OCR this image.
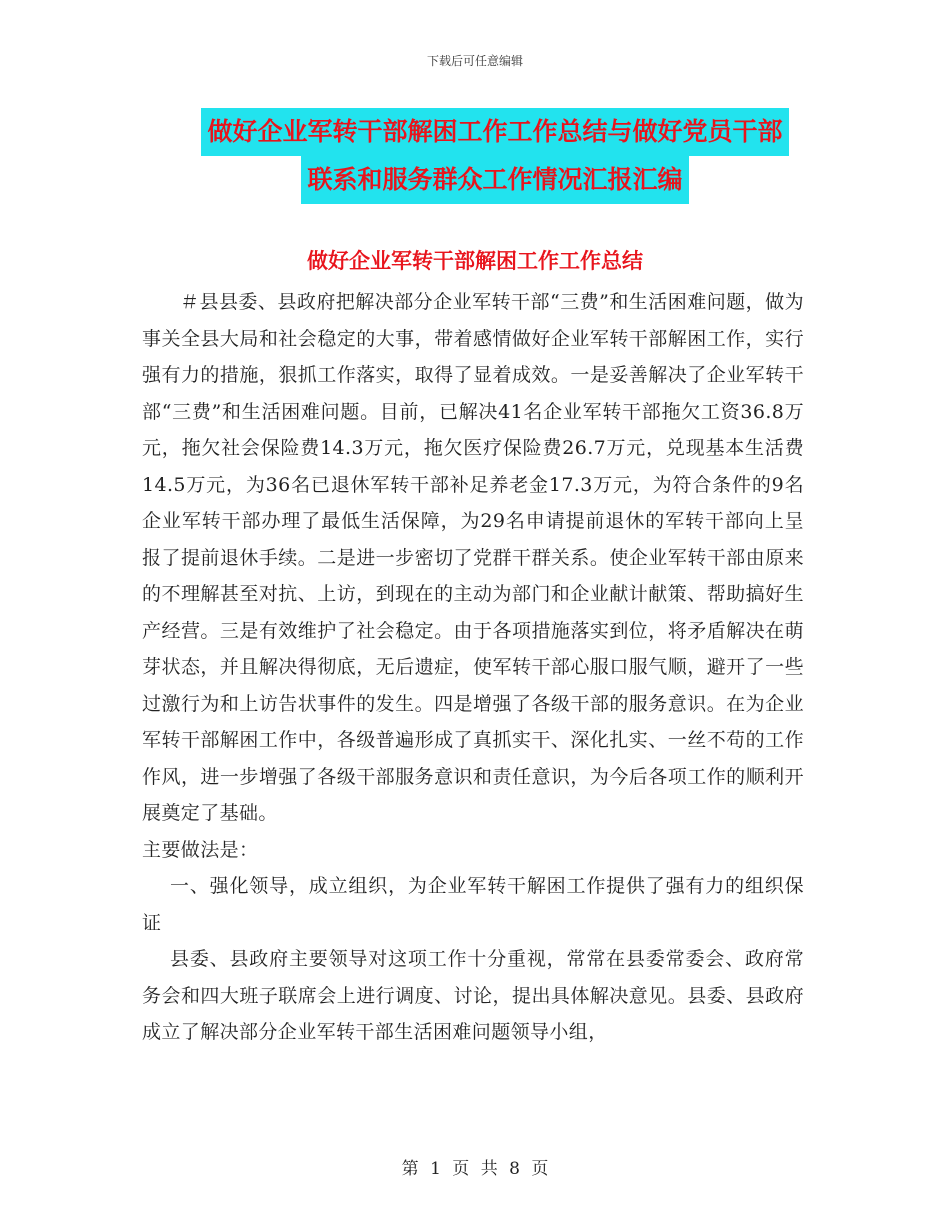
下载后可任意编辑
做好企业军转干部解困工作工作总结与做好党员干部
联系和服务群众工作情况汇报汇编
做好企业军转干部解困工作工作总结

＃县县委、县政府把解决部分企业军转干部“三费”和生活困难问题，做为事关全县大局和社会稳定的大事，带着感情做好企业军转干部解困工作，实行强有力的措施，狠抓工作落实，取得了显着成效。一是妥善解决了企业军转干部“三费”和生活困难问题。目前，已解决41名企业军转干部拖欠工资36.8万元，拖欠社会保险费14.3万元，拖欠医疗保险费26.7万元，兑现基本生活费14.5万元，为36名已退休军转干部补足养老金17.3万元，为符合条件的9名企业军转干部办理了最低生活保障，为29名申请提前退休的军转干部向上呈报了提前退休手续。二是进一步密切了党群干群关系。使企业军转干部由原来的不理解甚至对抗、上访，到现在的主动为部门和企业献计献策、帮助搞好生产经营。三是有效维护了社会稳定。由于各项措施落实到位，将矛盾解决在萌芽状态，并且解决得彻底，无后遗症，使军转干部心服口服气顺，避开了一些过激行为和上访告状事件的发生。四是增强了各级干部的服务意识。在为企业军转干部解困工作中，各级普遍形成了真抓实干、深化扎实、一丝不苟的工作作风，进一步增强了各级干部服务意识和责任意识，为今后各项工作的顺利开展奠定了基础。

主要做法是：

一、强化领导，成立组织，为企业军转干解困工作提供了强有力的组织保证

县委、县政府主要领导对这项工作十分重视，常常在县委常委会、政府常务会和四大班子联席会上进行调度、讨论，提出具体解决意见。县委、县政府成立了解决部分企业军转干部生活困难问题领导小组，

第 1 页 共 8 页
